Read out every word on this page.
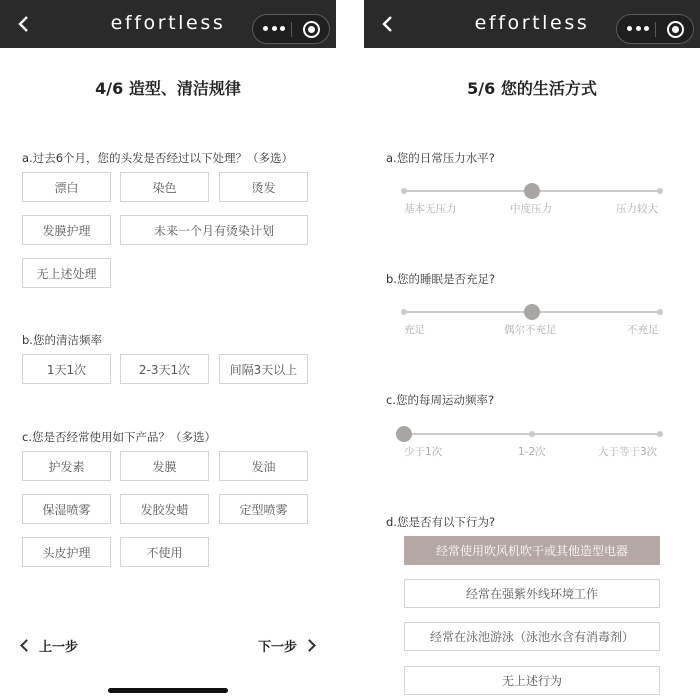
effortless
4/6 造型、清洁规律
a.过去6个月，您的头发是否经过以下处理？（多选）
漂白	染色	烫发
发膜护理	未来一个月有烫染计划
无上述处理
b.您的清洁频率
1天1次	2-3天1次	间隔3天以上
c.您是否经常使用如下产品？（多选）
护发素	发膜	发油
保湿喷雾	发胶发蜡	定型喷雾
头皮护理	不使用
上一步	下一步
effortless
5/6 您的生活方式
a.您的日常压力水平?
基本无压力	中度压力	压力较大
b.您的睡眠是否充足?
充足	偶尔不充足	不充足
c.您的每周运动频率?
少于1次	1-2次	大于等于3次
d.您是否有以下行为?
经常使用吹风机吹干或其他造型电器
经常在强紫外线环境工作
经常在泳池游泳（泳池水含有消毒剂）
无上述行为
